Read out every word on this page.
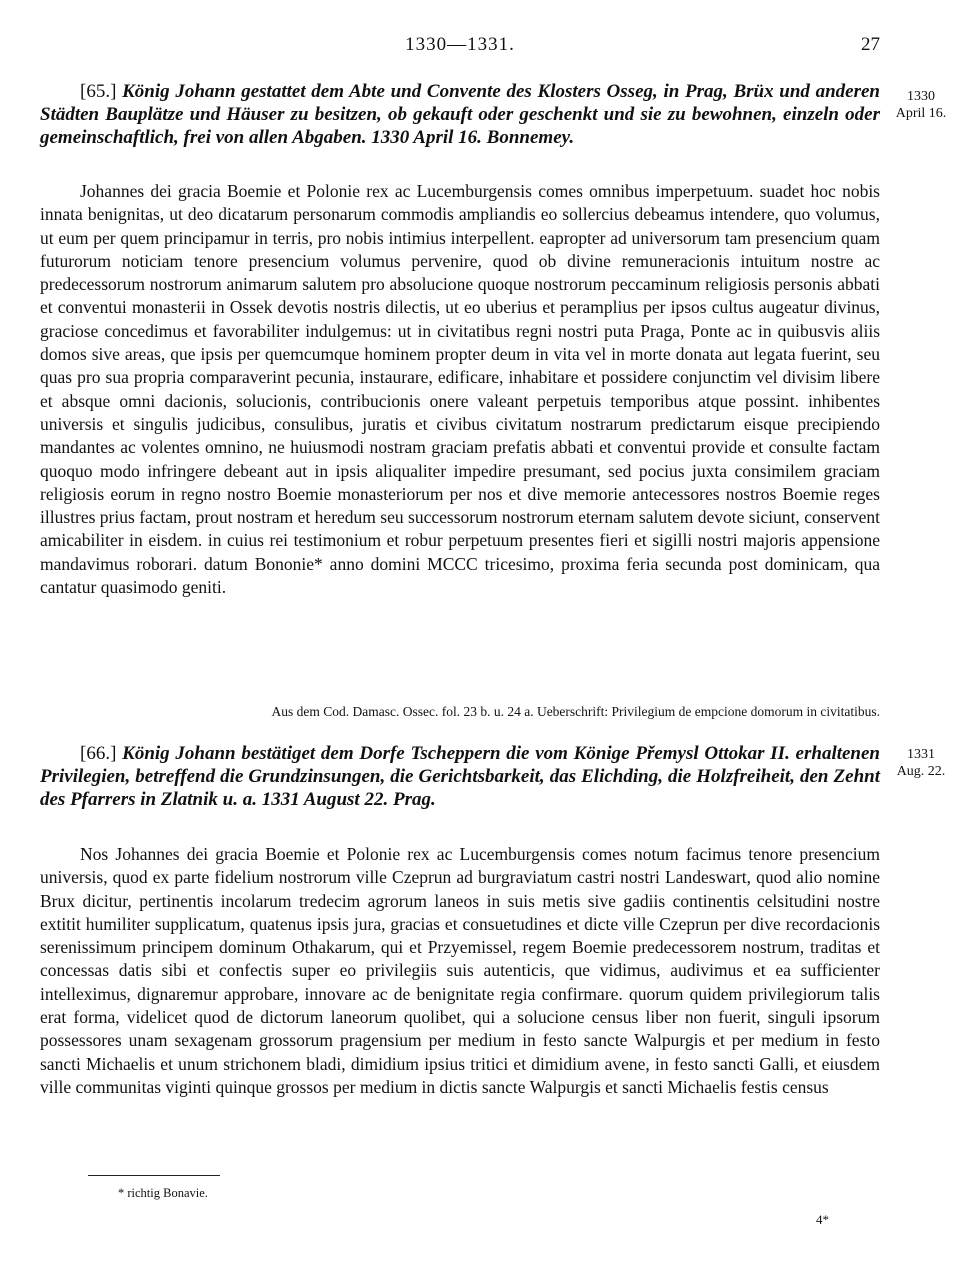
1330—1331.	27
[65.] König Johann gestattet dem Abte und Convente des Klosters Osseg, in Prag, Brüx und anderen Städten Bauplätze und Häuser zu besitzen, ob gekauft oder geschenkt und sie zu bewohnen, einzeln oder gemeinschaftlich, frei von allen Abgaben. 1330 April 16. Bonnemey.
1330
April 16.
Johannes dei gracia Boemie et Polonie rex ac Lucemburgensis comes omnibus imperpetuum. suadet hoc nobis innata benignitas, ut deo dicatarum personarum commodis ampliandis eo sollercius debeamus intendere, quo volumus, ut eum per quem principamur in terris, pro nobis intimius interpellent. eapropter ad universorum tam presencium quam futurorum noticiam tenore presencium volumus pervenire, quod ob divine remuneracionis intuitum nostre ac predecessorum nostrorum animarum salutem pro absolucione quoque nostrorum peccaminum religiosis personis abbati et conventui monasterii in Ossek devotis nostris dilectis, ut eo uberius et peramplius per ipsos cultus augeatur divinus, graciose concedimus et favorabiliter indulgemus: ut in civitatibus regni nostri puta Praga, Ponte ac in quibusvis aliis domos sive areas, que ipsis per quemcumque hominem propter deum in vita vel in morte donata aut legata fuerint, seu quas pro sua propria comparaverint pecunia, instaurare, edificare, inhabitare et possidere conjunctim vel divisim libere et absque omni dacionis, solucionis, contribucionis onere valeant perpetuis temporibus atque possint. inhibentes universis et singulis judicibus, consulibus, juratis et civibus civitatum nostrarum predictarum eisque precipiendo mandantes ac volentes omnino, ne huiusmodi nostram graciam prefatis abbati et conventui provide et consulte factam quoquo modo infringere debeant aut in ipsis aliqualiter impedire presumant, sed pocius juxta consimilem graciam religiosis eorum in regno nostro Boemie monasteriorum per nos et dive memorie antecessores nostros Boemie reges illustres prius factam, prout nostram et heredum seu successorum nostrorum eternam salutem devote siciunt, conservent amicabiliter in eisdem. in cuius rei testimonium et robur perpetuum presentes fieri et sigilli nostri majoris appensione mandavimus roborari. datum Bononie* anno domini MCCC tricesimo, proxima feria secunda post dominicam, qua cantatur quasimodo geniti.
Aus dem Cod. Damasc. Ossec. fol. 23 b. u. 24 a. Ueberschrift: Privilegium de empcione domorum in civitatibus.
[66.] König Johann bestätiget dem Dorfe Tscheppern die vom Könige Přemysl Ottokar II. erhaltenen Privilegien, betreffend die Grundzinsungen, die Gerichtsbarkeit, das Elichding, die Holzfreiheit, den Zehnt des Pfarrers in Zlatnik u. a. 1331 August 22. Prag.
1331
Aug. 22.
Nos Johannes dei gracia Boemie et Polonie rex ac Lucemburgensis comes notum facimus tenore presencium universis, quod ex parte fidelium nostrorum ville Czeprun ad burgraviatum castri nostri Landeswart, quod alio nomine Brux dicitur, pertinentis incolarum tredecim agrorum laneos in suis metis sive gadiis continentis celsitudini nostre extitit humiliter supplicatum, quatenus ipsis jura, gracias et consuetudines et dicte ville Czeprun per dive recordacionis serenissimum principem dominum Othakarum, qui et Przyemissel, regem Boemie predecessorem nostrum, traditas et concessas datis sibi et confectis super eo privilegiis suis autenticis, que vidimus, audivimus et ea sufficienter intelleximus, dignaremur approbare, innovare ac de benignitate regia confirmare. quorum quidem privilegiorum talis erat forma, videlicet quod de dictorum laneorum quolibet, qui a solucione census liber non fuerit, singuli ipsorum possessores unam sexagenam grossorum pragensium per medium in festo sancte Walpurgis et per medium in festo sancti Michaelis et unum strichonem bladi, dimidium ipsius tritici et dimidium avene, in festo sancti Galli, et eiusdem ville communitas viginti quinque grossos per medium in dictis sancte Walpurgis et sancti Michaelis festis census
* richtig Bonavie.
4*
